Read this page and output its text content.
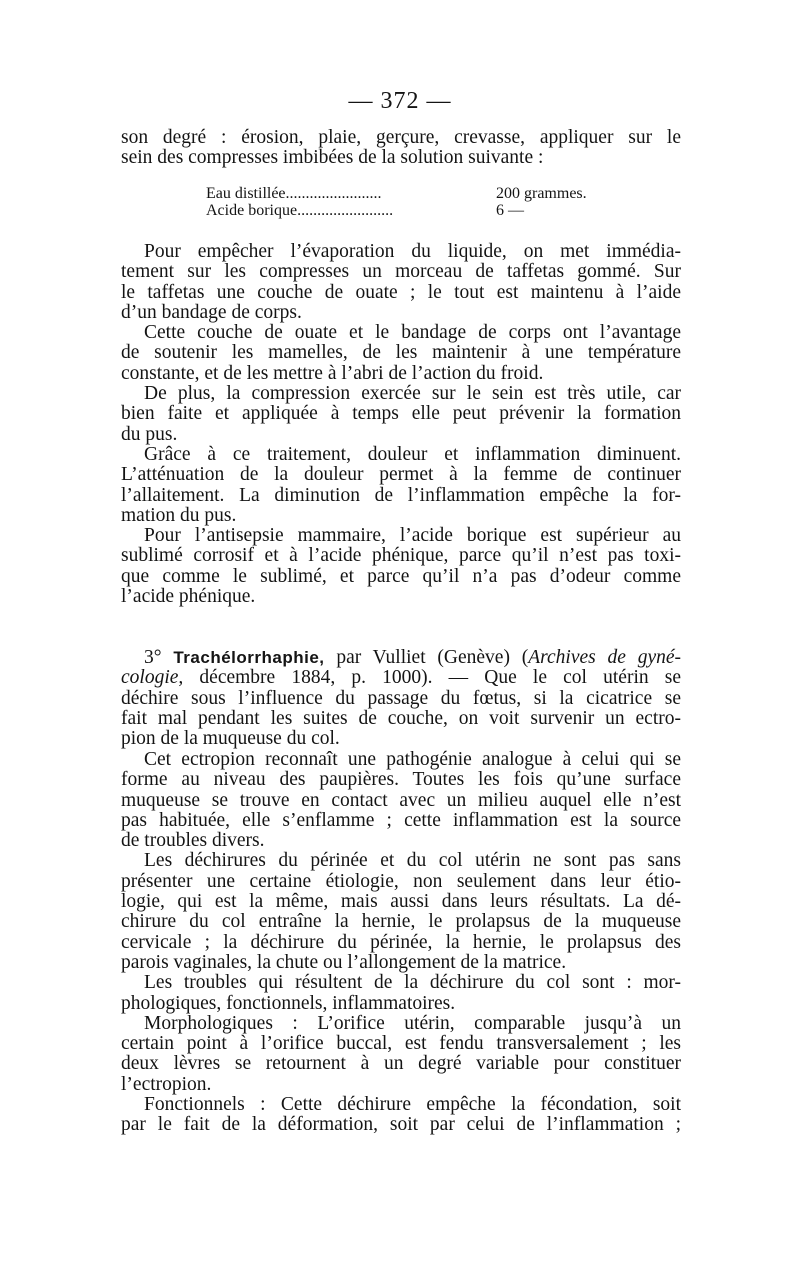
— 372 —

son degré : érosion, plaie, gerçure, crevasse, appliquer sur le
sein des compresses imbibées de la solution suivante :

Eau distillée........................	200 grammes.
Acide borique........................	6 —

Pour empêcher l’évaporation du liquide, on met immédia-
tement sur les compresses un morceau de taffetas gommé. Sur
le taffetas une couche de ouate ; le tout est maintenu à l’aide
d’un bandage de corps.

Cette couche de ouate et le bandage de corps ont l’avantage
de soutenir les mamelles, de les maintenir à une température
constante, et de les mettre à l’abri de l’action du froid.

De plus, la compression exercée sur le sein est très utile, car
bien faite et appliquée à temps elle peut prévenir la formation
du pus.

Grâce à ce traitement, douleur et inflammation diminuent.
L’atténuation de la douleur permet à la femme de continuer
l’allaitement. La diminution de l’inflammation empêche la for-
mation du pus.

Pour l’antisepsie mammaire, l’acide borique est supérieur au
sublimé corrosif et à l’acide phénique, parce qu’il n’est pas toxi-
que comme le sublimé, et parce qu’il n’a pas d’odeur comme
l’acide phénique.

3° Trachélorrhaphie, par Vulliet (Genève) (Archives de gyné-
cologie, décembre 1884, p. 1000). — Que le col utérin se
déchire sous l’influence du passage du fœtus, si la cicatrice se
fait mal pendant les suites de couche, on voit survenir un ectro-
pion de la muqueuse du col.

Cet ectropion reconnaît une pathogénie analogue à celui qui se
forme au niveau des paupières. Toutes les fois qu’une surface
muqueuse se trouve en contact avec un milieu auquel elle n’est
pas habituée, elle s’enflamme ; cette inflammation est la source
de troubles divers.

Les déchirures du périnée et du col utérin ne sont pas sans
présenter une certaine étiologie, non seulement dans leur étio-
logie, qui est la même, mais aussi dans leurs résultats. La dé-
chirure du col entraîne la hernie, le prolapsus de la muqueuse
cervicale ; la déchirure du périnée, la hernie, le prolapsus des
parois vaginales, la chute ou l’allongement de la matrice.

Les troubles qui résultent de la déchirure du col sont : mor-
phologiques, fonctionnels, inflammatoires.

Morphologiques : L’orifice utérin, comparable jusqu’à un
certain point à l’orifice buccal, est fendu transversalement ; les
deux lèvres se retournent à un degré variable pour constituer
l’ectropion.

Fonctionnels : Cette déchirure empêche la fécondation, soit
par le fait de la déformation, soit par celui de l’inflammation ;
